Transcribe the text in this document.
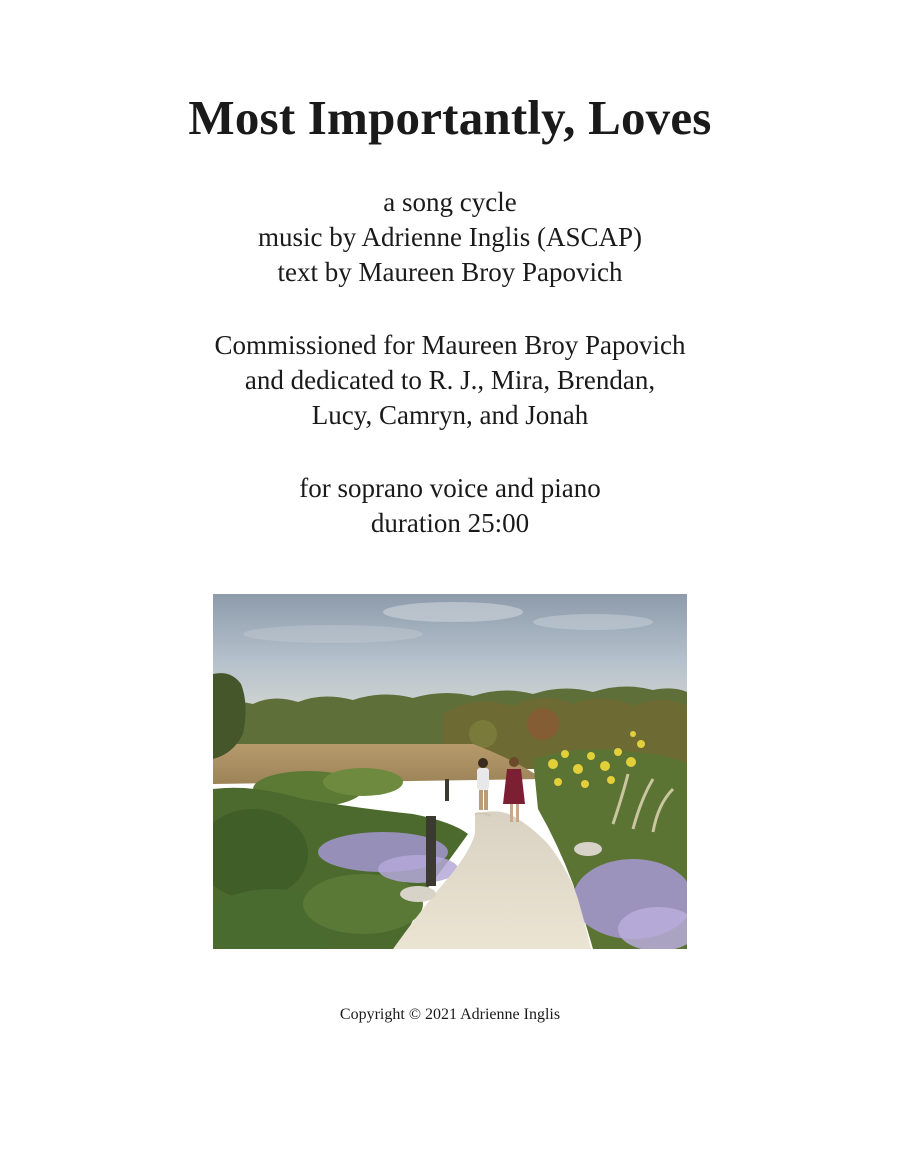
Most Importantly, Loves
a song cycle
music by Adrienne Inglis (ASCAP)
text by Maureen Broy Papovich
Commissioned for Maureen Broy Papovich
and dedicated to R. J., Mira, Brendan,
Lucy, Camryn, and Jonah
for soprano voice and piano
duration 25:00
Copyright © 2021 Adrienne Inglis
